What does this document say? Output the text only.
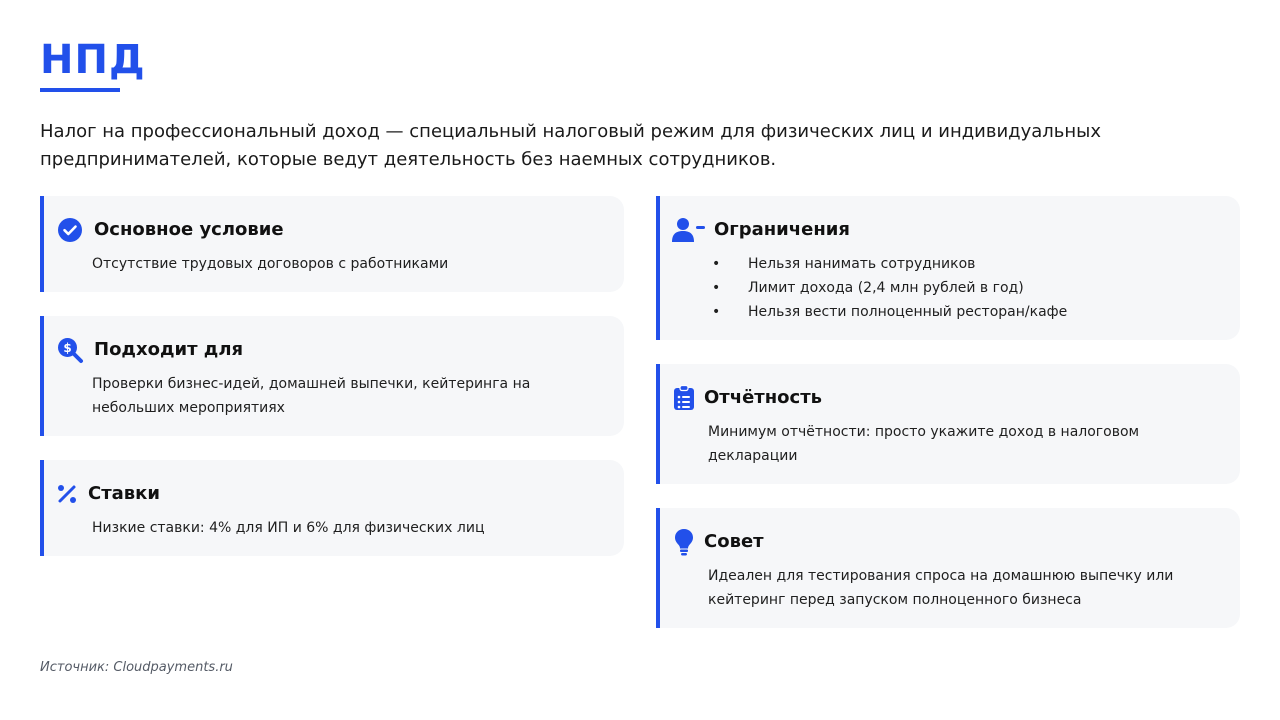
НПД

Налог на профессиональный доход — специальный налоговый режим для физических лиц и индивидуальных предпринимателей, которые ведут деятельность без наемных сотрудников.

Основное условие
Отсутствие трудовых договоров с работниками
$ Подходит для
Проверки бизнес-идей, домашней выпечки, кейтеринга на небольших мероприятиях
Ставки
Низкие ставки: 4% для ИП и 6% для физических лиц
Ограничения
• Нельзя нанимать сотрудников
• Лимит дохода (2,4 млн рублей в год)
• Нельзя вести полноценный ресторан/кафе
Отчётность
Минимум отчётности: просто укажите доход в налоговом декларации
Совет
Идеален для тестирования спроса на домашнюю выпечку или кейтеринг перед запуском полноценного бизнеса
Источник: Cloudpayments.ru
